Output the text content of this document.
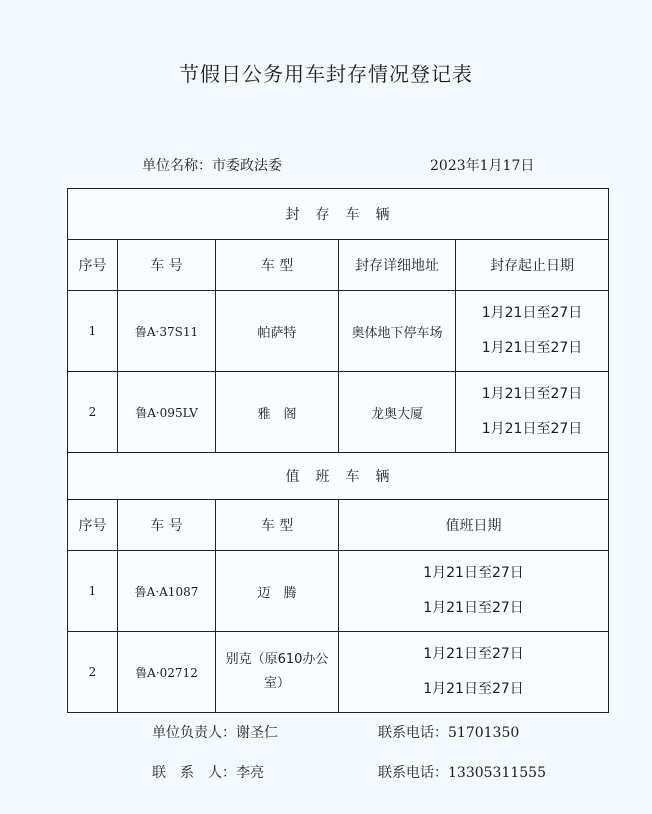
节假日公务用车封存情况登记表
单位名称：市委政法委	2023年1月17日
封　存　车　辆				
序号	车 号	车 型	封存详细地址	封存起止日期
1	鲁A·37S11	帕萨特	奥体地下停车场	1月21日至27日
1月21日至27日

2	鲁A·095LV	雅　阁	龙奥大厦	1月21日至27日
1月21日至27日

值　班　车　辆				
序号	车 号	车 型	值班日期	
1	鲁A·A1087	迈　腾	1月21日至27日
1月21日至27日	

2	鲁A·02712	别克（原610办公室）	1月21日至27日
1月21日至27日	
单位负责人：谢圣仁	联系电话：51701350
联　系　人：李亮	联系电话：13305311555
